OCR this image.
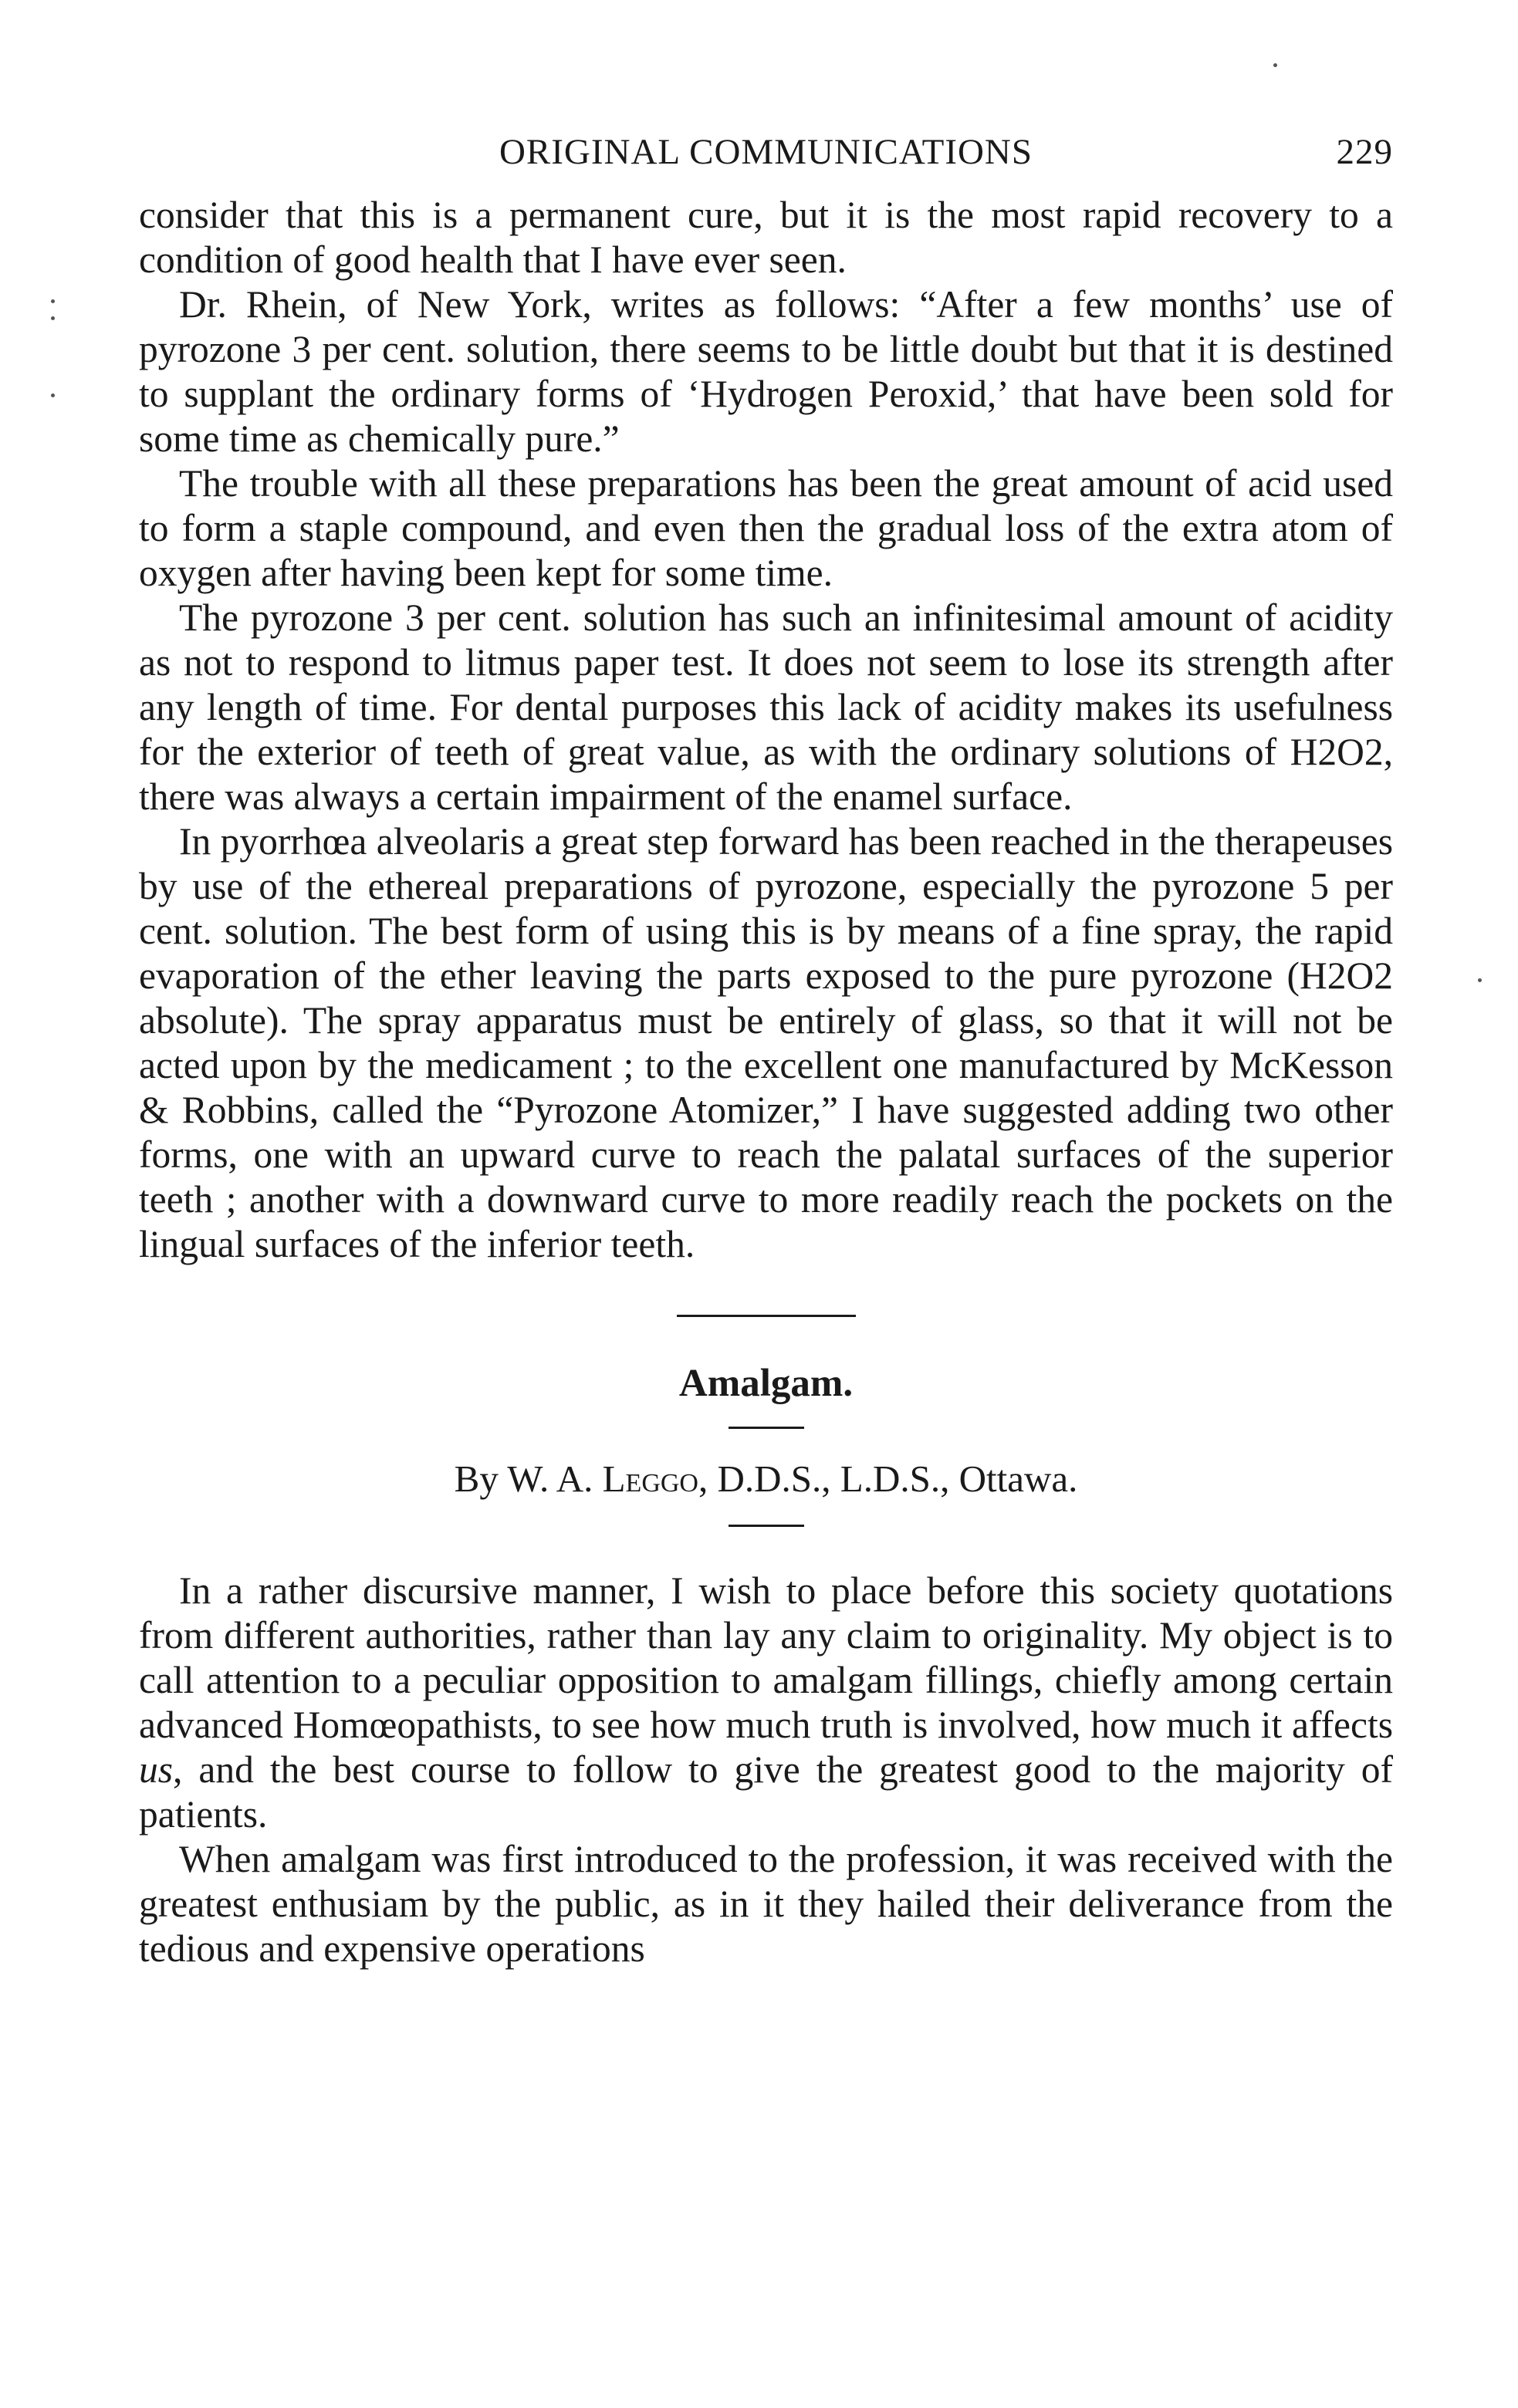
ORIGINAL COMMUNICATIONS	229

consider that this is a permanent cure, but it is the most rapid recovery to a condition of good health that I have ever seen.

Dr. Rhein, of New York, writes as follows: “After a few months’ use of pyrozone 3 per cent. solution, there seems to be little doubt but that it is destined to supplant the ordinary forms of ‘Hydrogen Peroxid,’ that have been sold for some time as chemically pure.”

The trouble with all these preparations has been the great amount of acid used to form a staple compound, and even then the gradual loss of the extra atom of oxygen after having been kept for some time.

The pyrozone 3 per cent. solution has such an infinitesimal amount of acidity as not to respond to litmus paper test. It does not seem to lose its strength after any length of time. For dental purposes this lack of acidity makes its usefulness for the exterior of teeth of great value, as with the ordinary solutions of H2O2, there was always a certain impairment of the enamel surface.

In pyorrhœa alveolaris a great step forward has been reached in the therapeuses by use of the ethereal preparations of pyrozone, especially the pyrozone 5 per cent. solution. The best form of using this is by means of a fine spray, the rapid evaporation of the ether leaving the parts exposed to the pure pyrozone (H2O2 absolute). The spray apparatus must be entirely of glass, so that it will not be acted upon by the medicament ; to the excellent one manufactured by McKesson & Robbins, called the “Pyrozone Atomizer,” I have suggested adding two other forms, one with an upward curve to reach the palatal surfaces of the superior teeth ; another with a downward curve to more readily reach the pockets on the lingual surfaces of the inferior teeth.

Amalgam.
By W. A. Leggo, D.D.S., L.D.S., Ottawa.

In a rather discursive manner, I wish to place before this society quotations from different authorities, rather than lay any claim to originality. My object is to call attention to a peculiar opposition to amalgam fillings, chiefly among certain advanced Homœopathists, to see how much truth is involved, how much it affects us, and the best course to follow to give the greatest good to the majority of patients.

When amalgam was first introduced to the profession, it was received with the greatest enthusiam by the public, as in it they hailed their deliverance from the tedious and expensive operations
